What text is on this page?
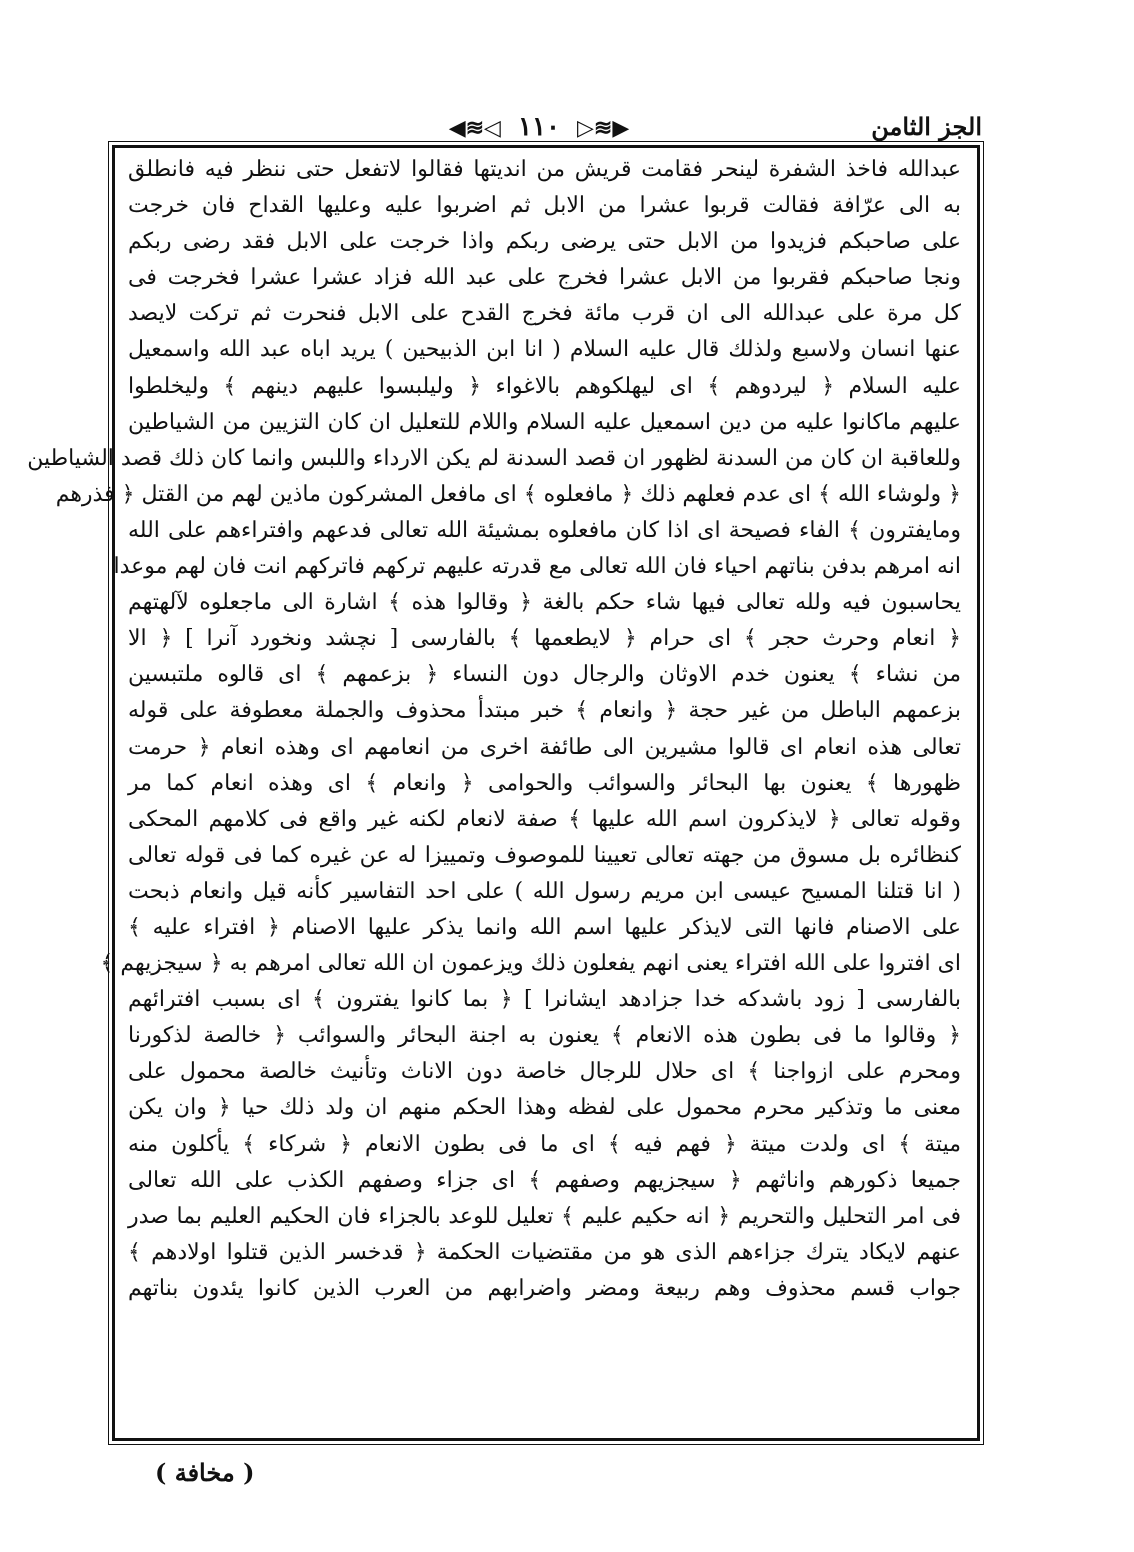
الجز الثامن
▶≋▷ ١١٠ ◁≋◀
عبدالله فاخذ الشفرة لينحر فقامت قريش من انديتها فقالوا لاتفعل حتى ننظر فيه فانطلق
به الى عرّافة فقالت قربوا عشرا من الابل ثم اضربوا عليه وعليها القداح فان خرجت
على صاحبكم فزيدوا من الابل حتى يرضى ربكم واذا خرجت على الابل فقد رضى ربكم
ونجا صاحبكم فقربوا من الابل عشرا فخرج على عبد الله فزاد عشرا عشرا فخرجت فى
كل مرة على عبدالله الى ان قرب مائة فخرج القدح على الابل فنحرت ثم تركت لايصد
عنها انسان ولاسبع ولذلك قال عليه السلام ( انا ابن الذبيحين ) يريد اباه عبد الله واسمعيل
عليه السلام ﴿ ليردوهم ﴾ اى ليهلكوهم بالاغواء ﴿ وليلبسوا عليهم دينهم ﴾ وليخلطوا
عليهم ماكانوا عليه من دين اسمعيل عليه السلام واللام للتعليل ان كان التزيين من الشياطين
وللعاقبة ان كان من السدنة لظهور ان قصد السدنة لم يكن الارداء واللبس وانما كان ذلك قصد الشياطين
﴿ ولوشاء الله ﴾ اى عدم فعلهم ذلك ﴿ مافعلوه ﴾ اى مافعل المشركون ماذين لهم من القتل ﴿ فذرهم
ومايفترون ﴾ الفاء فصيحة اى اذا كان مافعلوه بمشيئة الله تعالى فدعهم وافتراءهم على الله
انه امرهم بدفن بناتهم احياء فان الله تعالى مع قدرته عليهم تركهم فاتركهم انت فان لهم موعدا
يحاسبون فيه ولله تعالى فيها شاء حكم بالغة ﴿ وقالوا هذه ﴾ اشارة الى ماجعلوه لآلهتهم
﴿ انعام وحرث حجر ﴾ اى حرام ﴿ لايطعمها ﴾ بالفارسى [ نچشد ونخورد آنرا ] ﴿ الا
من نشاء ﴾ يعنون خدم الاوثان والرجال دون النساء ﴿ بزعمهم ﴾ اى قالوه ملتبسين
بزعمهم الباطل من غير حجة ﴿ وانعام ﴾ خبر مبتدأ محذوف والجملة معطوفة على قوله
تعالى هذه انعام اى قالوا مشيرين الى طائفة اخرى من انعامهم اى وهذه انعام ﴿ حرمت
ظهورها ﴾ يعنون بها البحائر والسوائب والحوامى ﴿ وانعام ﴾ اى وهذه انعام كما مر
وقوله تعالى ﴿ لايذكرون اسم الله عليها ﴾ صفة لانعام لكنه غير واقع فى كلامهم المحكى
كنظائره بل مسوق من جهته تعالى تعيينا للموصوف وتمييزا له عن غيره كما فى قوله تعالى
( انا قتلنا المسيح عيسى ابن مريم رسول الله ) على احد التفاسير كأنه قيل وانعام ذبحت
على الاصنام فانها التى لايذكر عليها اسم الله وانما يذكر عليها الاصنام ﴿ افتراء عليه ﴾
اى افتروا على الله افتراء يعنى انهم يفعلون ذلك ويزعمون ان الله تعالى امرهم به ﴿ سيجزيهم ﴾
بالفارسى [ زود باشدكه خدا جزادهد ايشانرا ] ﴿ بما كانوا يفترون ﴾ اى بسبب افترائهم
﴿ وقالوا ما فى بطون هذه الانعام ﴾ يعنون به اجنة البحائر والسوائب ﴿ خالصة لذكورنا
ومحرم على ازواجنا ﴾ اى حلال للرجال خاصة دون الاناث وتأنيث خالصة محمول على
معنى ما وتذكير محرم محمول على لفظه وهذا الحكم منهم ان ولد ذلك حيا ﴿ وان يكن
ميتة ﴾ اى ولدت ميتة ﴿ فهم فيه ﴾ اى ما فى بطون الانعام ﴿ شركاء ﴾ يأكلون منه
جميعا ذكورهم واناثهم ﴿ سيجزيهم وصفهم ﴾ اى جزاء وصفهم الكذب على الله تعالى
فى امر التحليل والتحريم ﴿ انه حكيم عليم ﴾ تعليل للوعد بالجزاء فان الحكيم العليم بما صدر
عنهم لايكاد يترك جزاءهم الذى هو من مقتضيات الحكمة ﴿ قدخسر الذين قتلوا اولادهم ﴾
جواب قسم محذوف وهم ربيعة ومضر واضرابهم من العرب الذين كانوا يئدون بناتهم
( مخافة )
